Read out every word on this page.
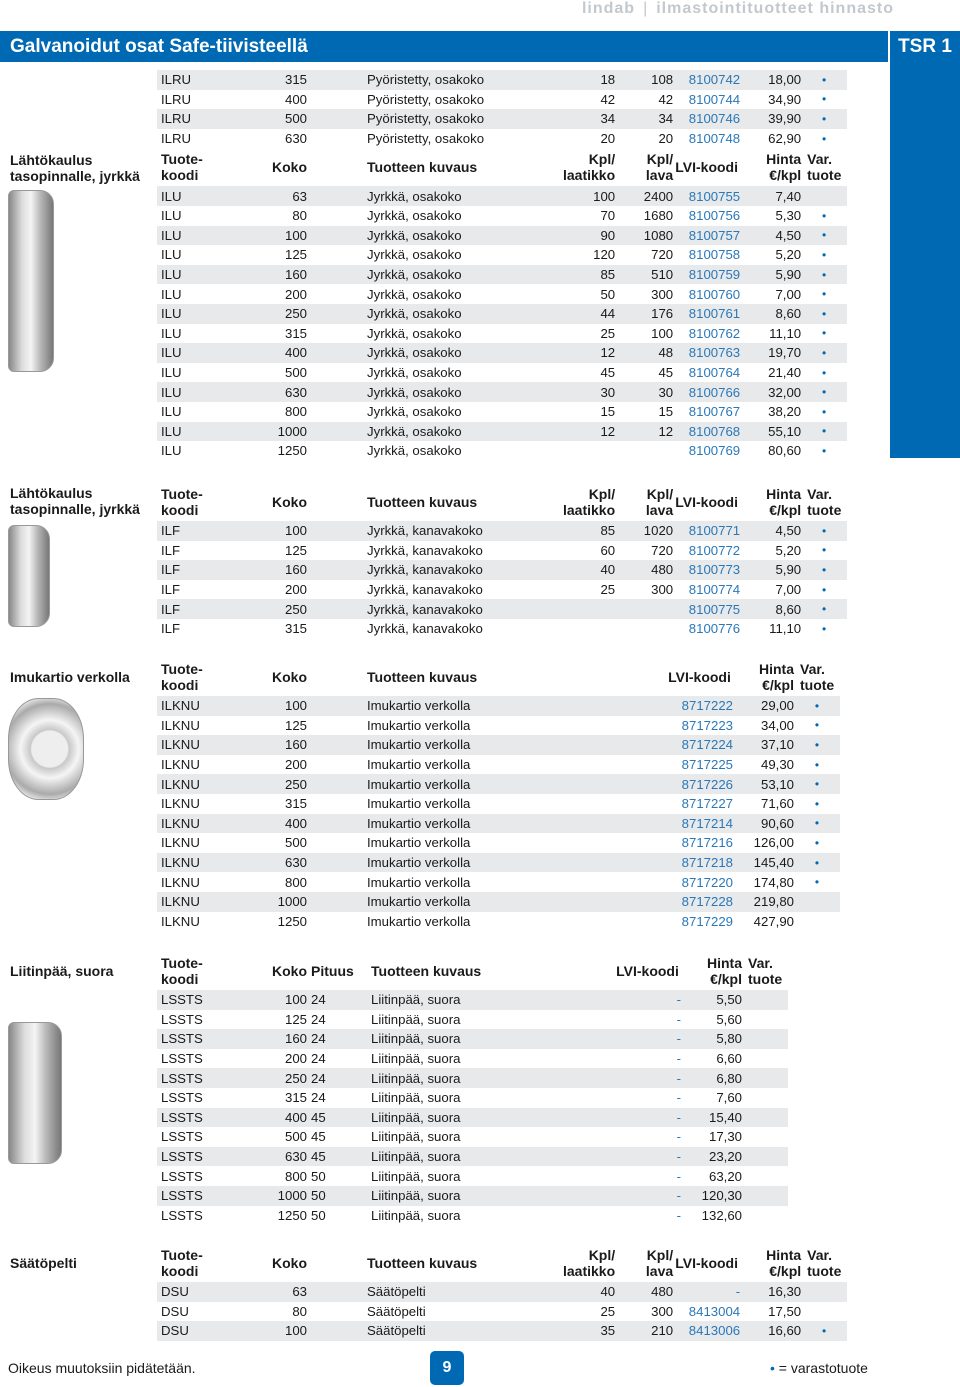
lindab | ilmastointituotteet hinnasto
Galvanoidut osat Safe-tiivisteellä	TSR 1
Lähtökaulus
tasopinnalle, jyrkkä
ILRU	315	Pyöristetty, osakoko	18	108	8100742	18,00	•
ILRU	400	Pyöristetty, osakoko	42	42	8100744	34,90	•
ILRU	500	Pyöristetty, osakoko	34	34	8100746	39,90	•
ILRU	630	Pyöristetty, osakoko	20	20	8100748	62,90	•
Tuote-
koodi	Koko	Tuotteen kuvaus	Kpl/
laatikko	Kpl/
lava	LVI-koodi	Hinta
€/kpl	Var.
tuote
ILU	63	Jyrkkä, osakoko	100	2400	8100755	7,40	
ILU	80	Jyrkkä, osakoko	70	1680	8100756	5,30	•
ILU	100	Jyrkkä, osakoko	90	1080	8100757	4,50	•
ILU	125	Jyrkkä, osakoko	120	720	8100758	5,20	•
ILU	160	Jyrkkä, osakoko	85	510	8100759	5,90	•
ILU	200	Jyrkkä, osakoko	50	300	8100760	7,00	•
ILU	250	Jyrkkä, osakoko	44	176	8100761	8,60	•
ILU	315	Jyrkkä, osakoko	25	100	8100762	11,10	•
ILU	400	Jyrkkä, osakoko	12	48	8100763	19,70	•
ILU	500	Jyrkkä, osakoko	45	45	8100764	21,40	•
ILU	630	Jyrkkä, osakoko	30	30	8100766	32,00	•
ILU	800	Jyrkkä, osakoko	15	15	8100767	38,20	•
ILU	1000	Jyrkkä, osakoko	12	12	8100768	55,10	•
ILU	1250	Jyrkkä, osakoko			8100769	80,60	•
Lähtökaulus
tasopinnalle, jyrkkä
Tuote-
koodi	Koko	Tuotteen kuvaus	Kpl/
laatikko	Kpl/
lava	LVI-koodi	Hinta
€/kpl	Var.
tuote
ILF	100	Jyrkkä, kanavakoko	85	1020	8100771	4,50	•
ILF	125	Jyrkkä, kanavakoko	60	720	8100772	5,20	•
ILF	160	Jyrkkä, kanavakoko	40	480	8100773	5,90	•
ILF	200	Jyrkkä, kanavakoko	25	300	8100774	7,00	•
ILF	250	Jyrkkä, kanavakoko			8100775	8,60	•
ILF	315	Jyrkkä, kanavakoko			8100776	11,10	•
Imukartio verkolla	Tuote-
koodi	Koko	Tuotteen kuvaus			LVI-koodi	Hinta
€/kpl	Var.
tuote
ILKNU	100	Imukartio verkolla			8717222	29,00	•
ILKNU	125	Imukartio verkolla			8717223	34,00	•
ILKNU	160	Imukartio verkolla			8717224	37,10	•
ILKNU	200	Imukartio verkolla			8717225	49,30	•
ILKNU	250	Imukartio verkolla			8717226	53,10	•
ILKNU	315	Imukartio verkolla			8717227	71,60	•
ILKNU	400	Imukartio verkolla			8717214	90,60	•
ILKNU	500	Imukartio verkolla			8717216	126,00	•
ILKNU	630	Imukartio verkolla			8717218	145,40	•
ILKNU	800	Imukartio verkolla			8717220	174,80	•
ILKNU	1000	Imukartio verkolla			8717228	219,80	
ILKNU	1250	Imukartio verkolla			8717229	427,90	
Liitinpää, suora	Tuote-
koodi	Koko	Pituus	Tuotteen kuvaus		LVI-koodi	Hinta
€/kpl	Var.
tuote
LSSTS	100	24	Liitinpää, suora		-	5,50	
LSSTS	125	24	Liitinpää, suora		-	5,60	
LSSTS	160	24	Liitinpää, suora		-	5,80	
LSSTS	200	24	Liitinpää, suora		-	6,60	
LSSTS	250	24	Liitinpää, suora		-	6,80	
LSSTS	315	24	Liitinpää, suora		-	7,60	
LSSTS	400	45	Liitinpää, suora		-	15,40	
LSSTS	500	45	Liitinpää, suora		-	17,30	
LSSTS	630	45	Liitinpää, suora		-	23,20	
LSSTS	800	50	Liitinpää, suora		-	63,20	
LSSTS	1000	50	Liitinpää, suora		-	120,30	
LSSTS	1250	50	Liitinpää, suora		-	132,60	
Säätöpelti	Tuote-
koodi	Koko	Tuotteen kuvaus	Kpl/
laatikko	Kpl/
lava	LVI-koodi	Hinta
€/kpl	Var.
tuote
DSU	63	Säätöpelti	40	480	-	16,30	
DSU	80	Säätöpelti	25	300	8413004	17,50	
DSU	100	Säätöpelti	35	210	8413006	16,60	•
Oikeus muutoksiin pidätetään.	9	• = varastotuote
